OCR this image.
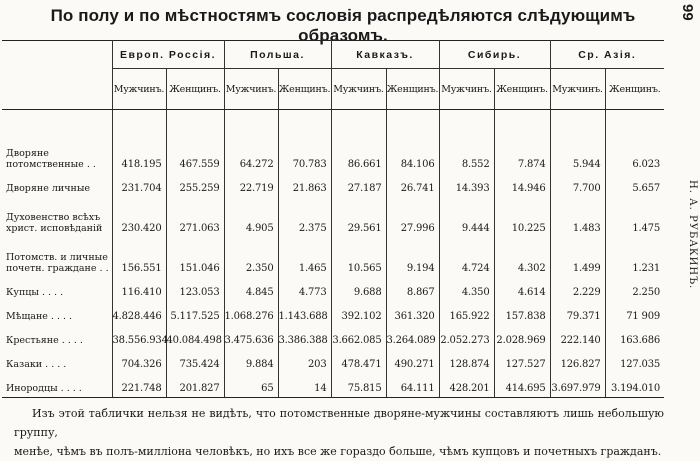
По полу и по мѣстностямъ сословія распредѣляются слѣдующимъ образомъ.
99
Н. А. РУБАКИНЪ.
	Европ. Россія.		Польша.		Кавказъ.		Сибирь.		Ср. Азія.	
	Мужчинъ.	Женщинъ.	Мужчинъ.	Женщинъ.	Мужчинъ.	Женщинъ.	Мужчинъ.	Женщинъ.	Мужчинъ.	Женщинъ.

Дворяне потомственные . .	418.195	467.559	64.272	70.783	86.661	84.106	8.552	7.874	5.944	6.023
Дворяне личные	231.704	255.259	22.719	21.863	27.187	26.741	14.393	14.946	7.700	5.657
Духовенство всѣхъ христ. исповѣданій	230.420	271.063	4.905	2.375	29.561	27.996	9.444	10.225	1.483	1.475
Потомств. и личные почетн. граждане . .	156.551	151.046	2.350	1.465	10.565	9.194	4.724	4.302	1.499	1.231
Купцы . . . .	116.410	123.053	4.845	4.773	9.688	8.867	4.350	4.614	2.229	2.250
Мѣщане . . . .	4.828.446	5.117.525	1.068.276	1.143.688	392.102	361.320	165.922	157.838	79.371	71 909
Крестьяне . . . .	38.556.934	40.084.498	3.475.636	3.386.388	3.662.085	3.264.089	2.052.273	2.028.969	222.140	163.686
Казаки . . . .	704.326	735.424	9.884	203	478.471	490.271	128.874	127.527	126.827	127.035
Инородцы . . . .	221.748	201.827	65	14	75.815	64.111	428.201	414.695	3.697.979	3.194.010
Изъ этой таблички нельзя не видѣть, что потомственные дворяне-мужчины составляютъ лишь небольшую группу,
менѣе, чѣмъ въ полъ-милліона человѣкъ, но ихъ все же гораздо больше, чѣмъ купцовъ и почетныхъ гражданъ.
